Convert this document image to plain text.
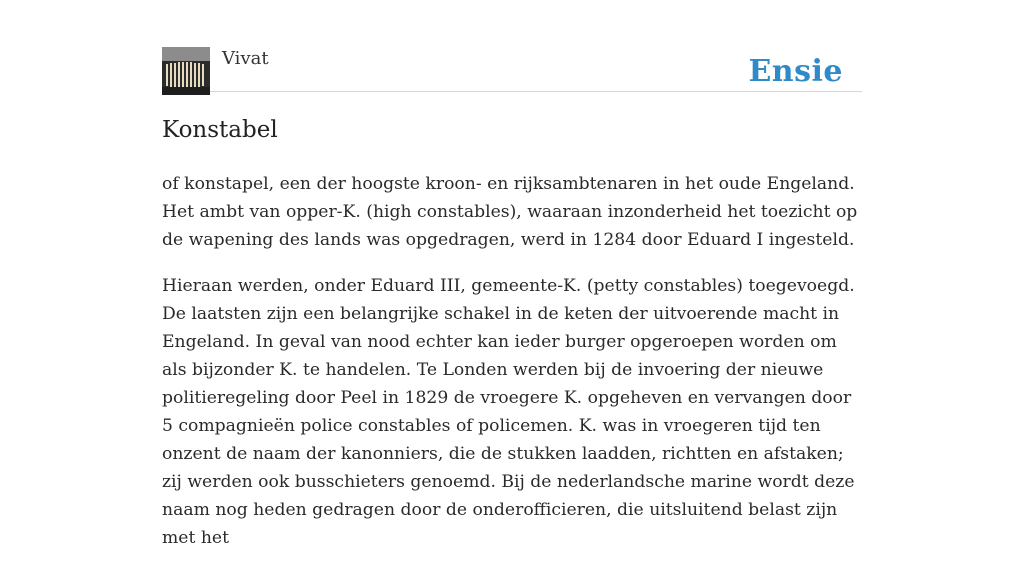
Vivat	Ensie
Konstabel

of konstapel, een der hoogste kroon- en rijksambtenaren in het oude Engeland. Het ambt van opper-K. (high constables), waaraan inzonderheid het toezicht op de wapening des lands was opgedragen, werd in 1284 door Eduard I ingesteld.

Hieraan werden, onder Eduard III, gemeente-K. (petty constables) toegevoegd. De laatsten zijn een belangrijke schakel in de keten der uitvoerende macht in Engeland. In geval van nood echter kan ieder burger opgeroepen worden om als bijzonder K. te handelen. Te Londen werden bij de invoering der nieuwe politieregeling door Peel in 1829 de vroegere K. opgeheven en vervangen door 5 compagnieën police constables of policemen. K. was in vroegeren tijd ten onzent de naam der kanonniers, die de stukken laadden, richtten en afstaken; zij werden ook busschieters genoemd. Bij de nederlandsche marine wordt deze naam nog heden gedragen door de onderofficieren, die uitsluitend belast zijn met het
